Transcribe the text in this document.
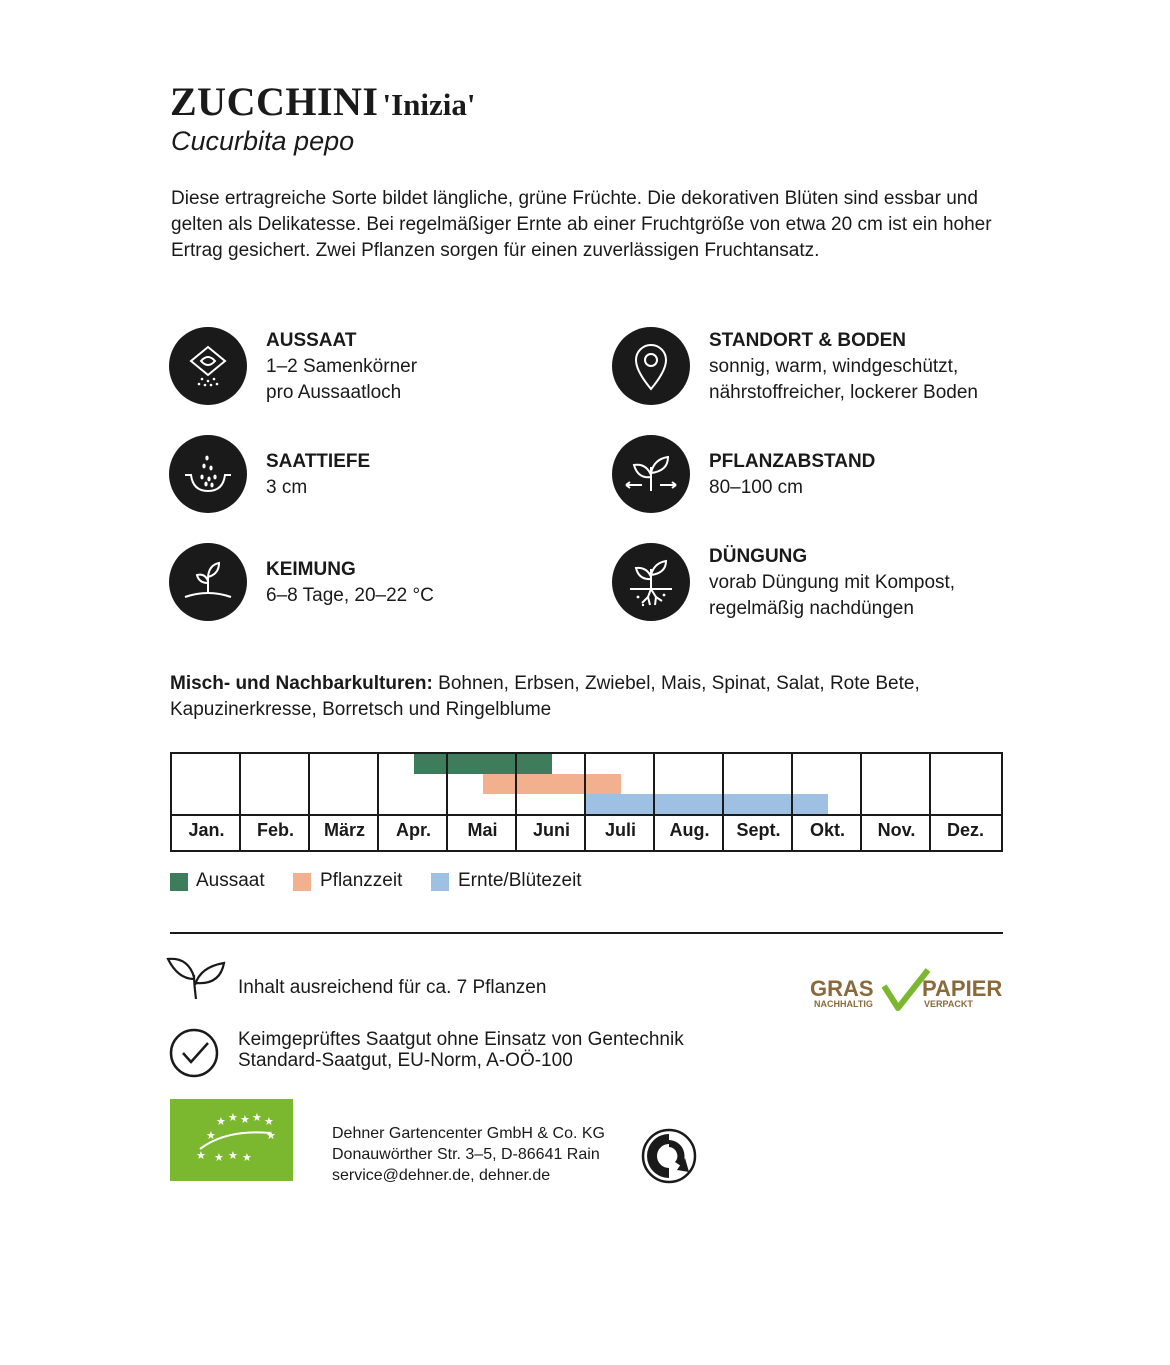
ZUCCHINI 'Inizia'
Cucurbita pepo
Diese ertragreiche Sorte bildet längliche, grüne Früchte. Die dekorativen Blüten sind essbar und gelten als Delikatesse. Bei regelmäßiger Ernte ab einer Fruchtgröße von etwa 20 cm ist ein hoher Ertrag gesichert. Zwei Pflanzen sorgen für einen zuverlässigen Fruchtansatz.
AUSSAAT
1–2 Samenkörner
pro Aussaatloch
SAATTIEFE
3 cm
KEIMUNG
6–8 Tage, 20–22 °C
STANDORT & BODEN
sonnig, warm, windgeschützt,
nährstoffreicher, lockerer Boden
PFLANZABSTAND
80–100 cm
DÜNGUNG
vorab Düngung mit Kompost,
regelmäßig nachdüngen
Misch- und Nachbarkulturen: Bohnen, Erbsen, Zwiebel, Mais, Spinat, Salat, Rote Bete, Kapuzinerkresse, Borretsch und Ringelblume
Jan.	Feb.	März	Apr.	Mai	Juni	Juli	Aug.	Sept.	Okt.	Nov.	Dez.
Aussaat	Pflanzzeit	Ernte/Blütezeit
Inhalt ausreichend für ca. 7 Pflanzen
Keimgeprüftes Saatgut ohne Einsatz von Gentechnik
Standard-Saatgut, EU-Norm, A-OÖ-100
★ ★ ★ ★ ★
★	★
★ ★ ★ ★
Dehner Gartencenter GmbH & Co. KG
Donauwörther Str. 3–5, D-86641 Rain
service@dehner.de, dehner.de
GRAS PAPIER
NACHHALTIG	VERPACKT
